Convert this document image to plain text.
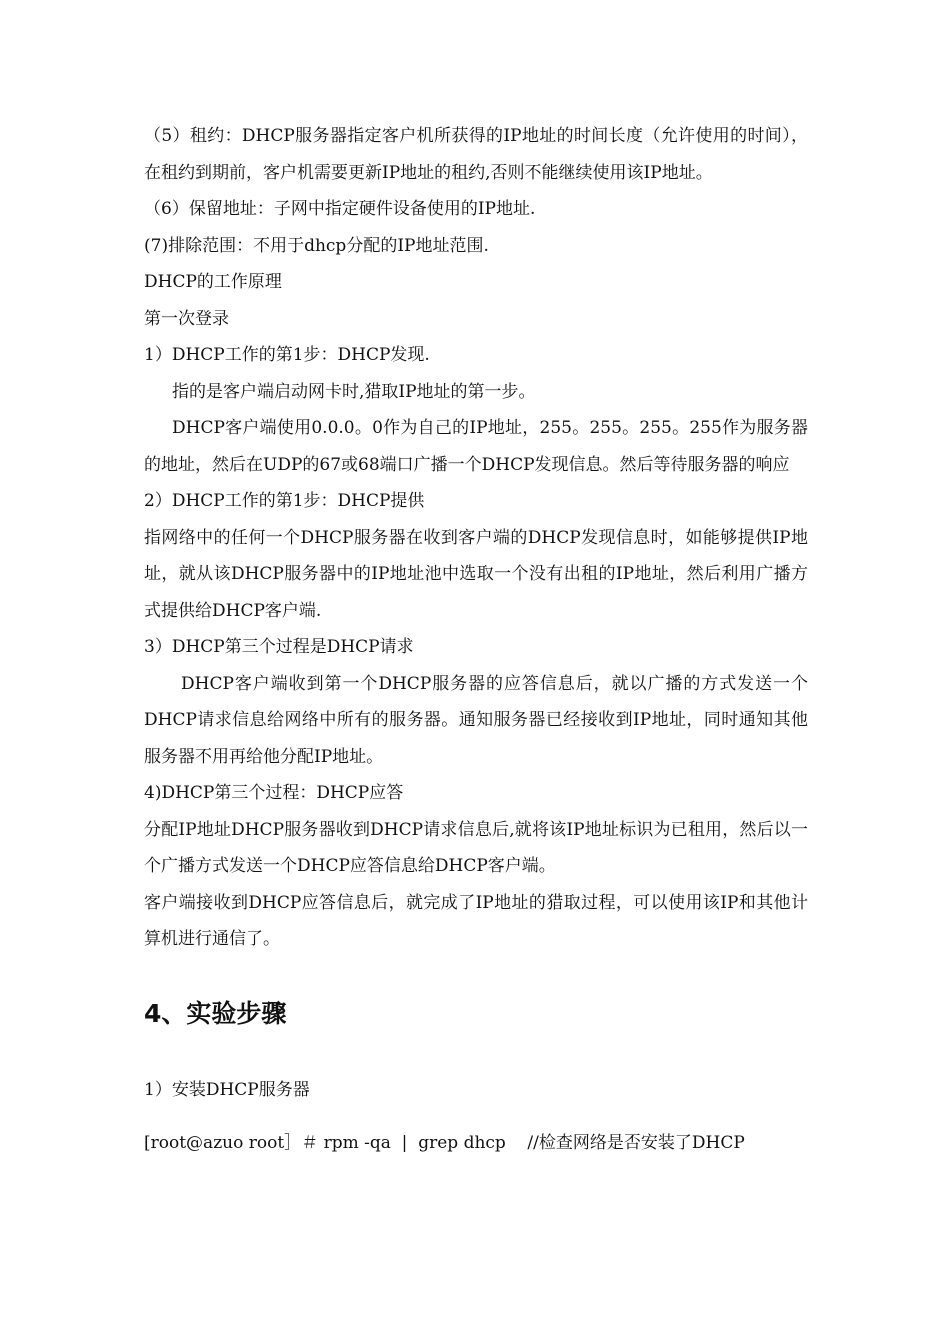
（5）租约：DHCP服务器指定客户机所获得的IP地址的时间长度（允许使用的时间），在租约到期前，客户机需要更新IP地址的租约,否则不能继续使用该IP地址。

（6）保留地址：子网中指定硬件设备使用的IP地址.

(7)排除范围：不用于dhcp分配的IP地址范围.

DHCP的工作原理

第一次登录

1）DHCP工作的第1步：DHCP发现.

指的是客户端启动网卡时,猎取IP地址的第一步。

DHCP客户端使用0.0.0。0作为自己的IP地址，255。255。255。255作为服务器的地址，然后在UDP的67或68端口广播一个DHCP发现信息。然后等待服务器的响应

2）DHCP工作的第1步：DHCP提供

指网络中的任何一个DHCP服务器在收到客户端的DHCP发现信息时，如能够提供IP地址，就从该DHCP服务器中的IP地址池中选取一个没有出租的IP地址，然后利用广播方式提供给DHCP客户端.

3）DHCP第三个过程是DHCP请求

DHCP客户端收到第一个DHCP服务器的应答信息后，就以广播的方式发送一个DHCP请求信息给网络中所有的服务器。通知服务器已经接收到IP地址，同时通知其他服务器不用再给他分配IP地址。

4)DHCP第三个过程：DHCP应答

分配IP地址DHCP服务器收到DHCP请求信息后,就将该IP地址标识为已租用，然后以一个广播方式发送一个DHCP应答信息给DHCP客户端。

客户端接收到DHCP应答信息后，就完成了IP地址的猎取过程，可以使用该IP和其他计算机进行通信了。

4、实验步骤

1）安装DHCP服务器

[root@azuo root］＃ rpm -qa  |  grep dhcp    //检查网络是否安装了DHCP
